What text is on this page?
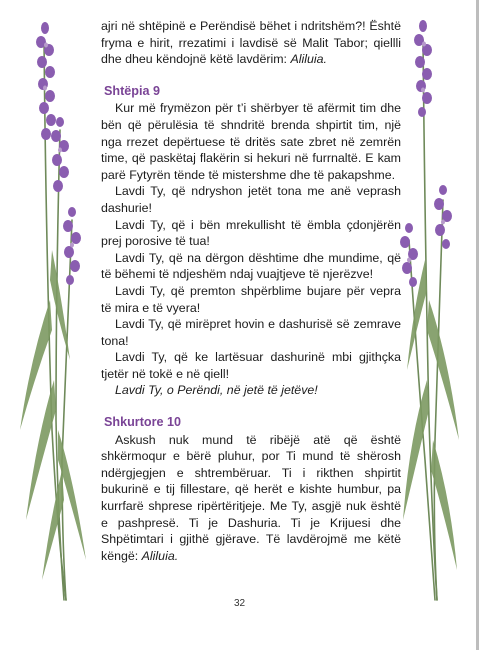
ajri në shtëpinë e Perëndisë bëhet i ndritshëm?! Është fryma e hirit, rrezatimi i lavdisë së Malit Tabor; qiellli dhe dheu këndojnë këtë lavdërim: Aliluia.

Shtëpia 9

Kur më frymëzon për t’i shërbyer të afërmit tim dhe bën që përulësia të shndritë brenda shpirtit tim, një nga rrezet depërtuese të dritës sate zbret në zemrën time, që paskëtaj flakërin si hekuri në furrnaltë. E kam parë Fytyrën tënde të mistershme dhe të pakapshme.

Lavdi Ty, që ndryshon jetët tona me anë veprash dashurie!

Lavdi Ty, që i bën mrekullisht të ëmbla çdonjërën prej porosive të tua!

Lavdi Ty, që na dërgon dështime dhe mundime, që të bëhemi të ndjeshëm ndaj vuajtjeve të njerëzve!

Lavdi Ty, që premton shpërblime bujare për vepra të mira e të vyera!

Lavdi Ty, që mirëpret hovin e dashurisë së zemrave tona!

Lavdi Ty, që ke lartësuar dashurinë mbi gjithçka tjetër në tokë e në qiell!

Lavdi Ty, o Perëndi, në jetë të jetëve!

Shkurtore 10

Askush nuk mund të ribëjë atë që është shkërmoqur e bërë pluhur, por Ti mund të shërosh ndërgjegjen e shtrembëruar. Ti i rikthen shpirtit bukurinë e tij fillestare, që herët e kishte humbur, pa kurrfarë shprese ripërtëritjeje. Me Ty, asgjë nuk është e pashpresë. Ti je Dashuria. Ti je Krijuesi dhe Shpëtimtari i gjithë gjërave. Të lavdërojmë me këtë këngë: Aliluia.

32
